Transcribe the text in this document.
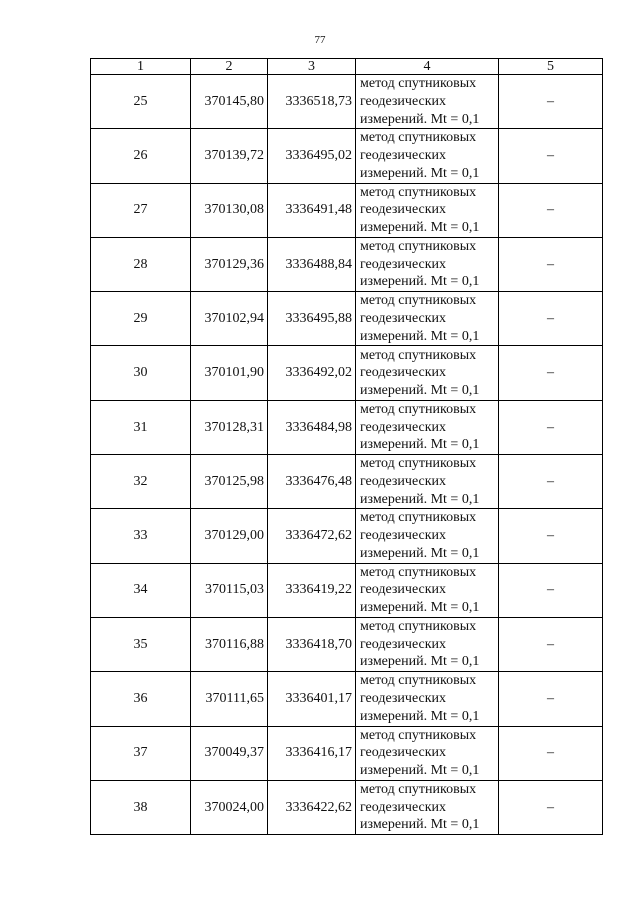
77
1	2	3	4	5
25	370145,80	3336518,73	метод спутниковых
геодезических
измерений. Mt = 0,1	–
26	370139,72	3336495,02	метод спутниковых
геодезических
измерений. Mt = 0,1	–
27	370130,08	3336491,48	метод спутниковых
геодезических
измерений. Mt = 0,1	–
28	370129,36	3336488,84	метод спутниковых
геодезических
измерений. Mt = 0,1	–
29	370102,94	3336495,88	метод спутниковых
геодезических
измерений. Mt = 0,1	–
30	370101,90	3336492,02	метод спутниковых
геодезических
измерений. Mt = 0,1	–
31	370128,31	3336484,98	метод спутниковых
геодезических
измерений. Mt = 0,1	–
32	370125,98	3336476,48	метод спутниковых
геодезических
измерений. Mt = 0,1	–
33	370129,00	3336472,62	метод спутниковых
геодезических
измерений. Mt = 0,1	–
34	370115,03	3336419,22	метод спутниковых
геодезических
измерений. Mt = 0,1	–
35	370116,88	3336418,70	метод спутниковых
геодезических
измерений. Mt = 0,1	–
36	370111,65	3336401,17	метод спутниковых
геодезических
измерений. Mt = 0,1	–
37	370049,37	3336416,17	метод спутниковых
геодезических
измерений. Mt = 0,1	–
38	370024,00	3336422,62	метод спутниковых
геодезических
измерений. Mt = 0,1	–
